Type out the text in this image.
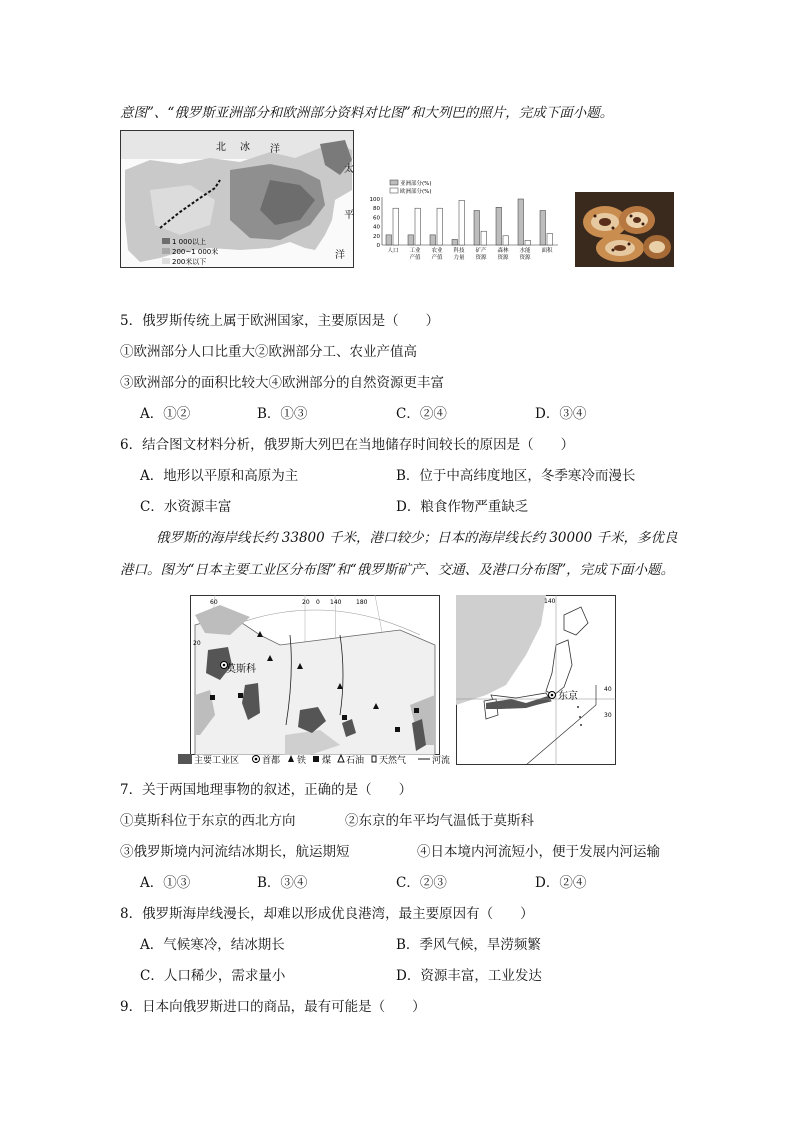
意图”、“俄罗斯亚洲部分和欧洲部分资料对比图”和大列巴的照片，完成下面小题。
北 冰 洋
太
平
洋
1 000以上
200~1 000米
200米以下
100
80
60
40
20
0
人口 工业
产值
农业
产值
科技
力量
矿产
资源
森林
资源
水能
资源
面积
亚洲部分(%)
欧洲部分(%)
5．俄罗斯传统上属于欧洲国家，主要原因是（　　）
①欧洲部分人口比重大②欧洲部分工、农业产值高
③欧洲部分的面积比较大④欧洲部分的自然资源更丰富
A．①②	B．①③	C．②④	D．③④
6．结合图文材料分析，俄罗斯大列巴在当地储存时间较长的原因是（　　）
A．地形以平原和高原为主	B．位于中高纬度地区，冬季寒冷而漫长
C．水资源丰富	D．粮食作物严重缺乏
俄罗斯的海岸线长约 33800 千米，港口较少；日本的海岸线长约 30000 千米，多优良
港口。图为“日本主要工业区分布图”和“俄罗斯矿产、交通、及港口分布图”，完成下面小题。
莫斯科
60	20 0 140 180
20
主要工业区	首都 铁 煤 石油 天然气	河流
东京
140
40
30
7．关于两国地理事物的叙述，正确的是（　　）
①莫斯科位于东京的西北方向	②东京的年平均气温低于莫斯科
③俄罗斯境内河流结冰期长，航运期短	④日本境内河流短小，便于发展内河运输
A．①③	B．③④	C．②③	D．②④
8．俄罗斯海岸线漫长，却难以形成优良港湾，最主要原因有（　　）
A．气候寒冷，结冰期长	B．季风气候，旱涝频繁
C．人口稀少，需求量小	D．资源丰富，工业发达
9．日本向俄罗斯进口的商品，最有可能是（　　）
